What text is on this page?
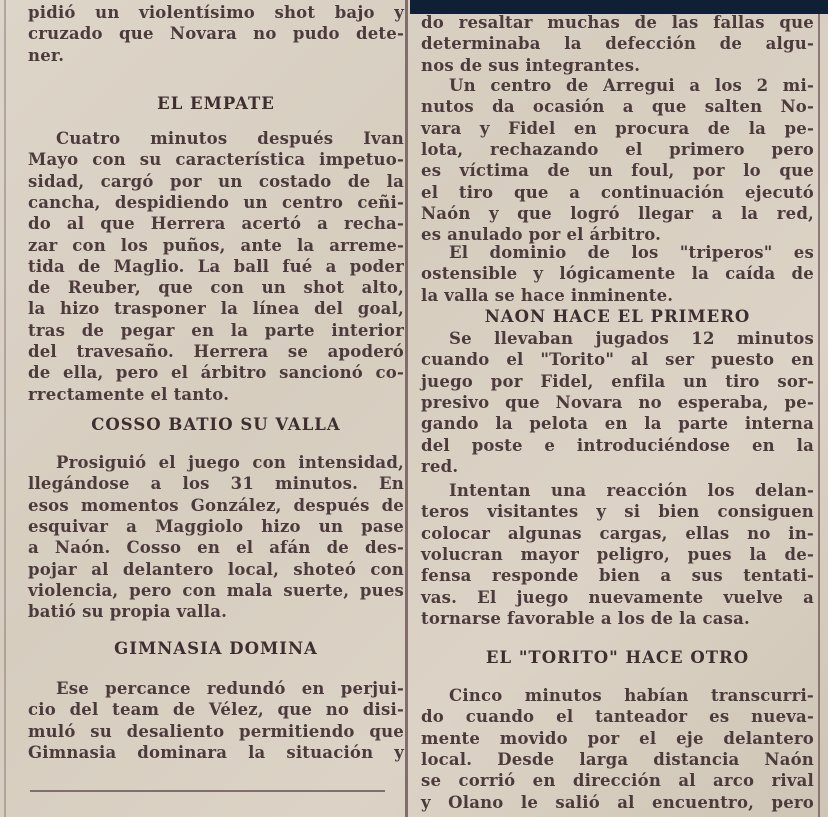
pidió un violentísimo shot bajo y
cruzado que Novara no pudo dete-
ner.
EL EMPATE
Cuatro minutos después Ivan
Mayo con su característica impetuo-
sidad, cargó por un costado de la
cancha, despidiendo un centro ceñi-
do al que Herrera acertó a recha-
zar con los puños, ante la arreme-
tida de Maglio. La ball fué a poder
de Reuber, que con un shot alto,
la hizo trasponer la línea del goal,
tras de pegar en la parte interior
del travesaño. Herrera se apoderó
de ella, pero el árbitro sancionó co-
rrectamente el tanto.
COSSO BATIO SU VALLA
Prosiguió el juego con intensidad,
llegándose a los 31 minutos. En
esos momentos González, después de
esquivar a Maggiolo hizo un pase
a Naón. Cosso en el afán de des-
pojar al delantero local, shoteó con
violencia, pero con mala suerte, pues
batió su propia valla.
GIMNASIA DOMINA
Ese percance redundó en perjui-
cio del team de Vélez, que no disi-
muló su desaliento permitiendo que
Gimnasia dominara la situación y
do resaltar muchas de las fallas que
determinaba la defección de algu-
nos de sus integrantes.
Un centro de Arregui a los 2 mi-
nutos da ocasión a que salten No-
vara y Fidel en procura de la pe-
lota, rechazando el primero pero
es víctima de un foul, por lo que
el tiro que a continuación ejecutó
Naón y que logró llegar a la red,
es anulado por el árbitro.
El dominio de los "triperos" es
ostensible y lógicamente la caída de
la valla se hace inminente.
NAON HACE EL PRIMERO
Se llevaban jugados 12 minutos
cuando el "Torito" al ser puesto en
juego por Fidel, enfila un tiro sor-
presivo que Novara no esperaba, pe-
gando la pelota en la parte interna
del poste e introduciéndose en la
red.
Intentan una reacción los delan-
teros visitantes y si bien consiguen
colocar algunas cargas, ellas no in-
volucran mayor peligro, pues la de-
fensa responde bien a sus tentati-
vas. El juego nuevamente vuelve a
tornarse favorable a los de la casa.
EL "TORITO" HACE OTRO
Cinco minutos habían transcurri-
do cuando el tanteador es nueva-
mente movido por el eje delantero
local. Desde larga distancia Naón
se corrió en dirección al arco rival
y Olano le salió al encuentro, pero
